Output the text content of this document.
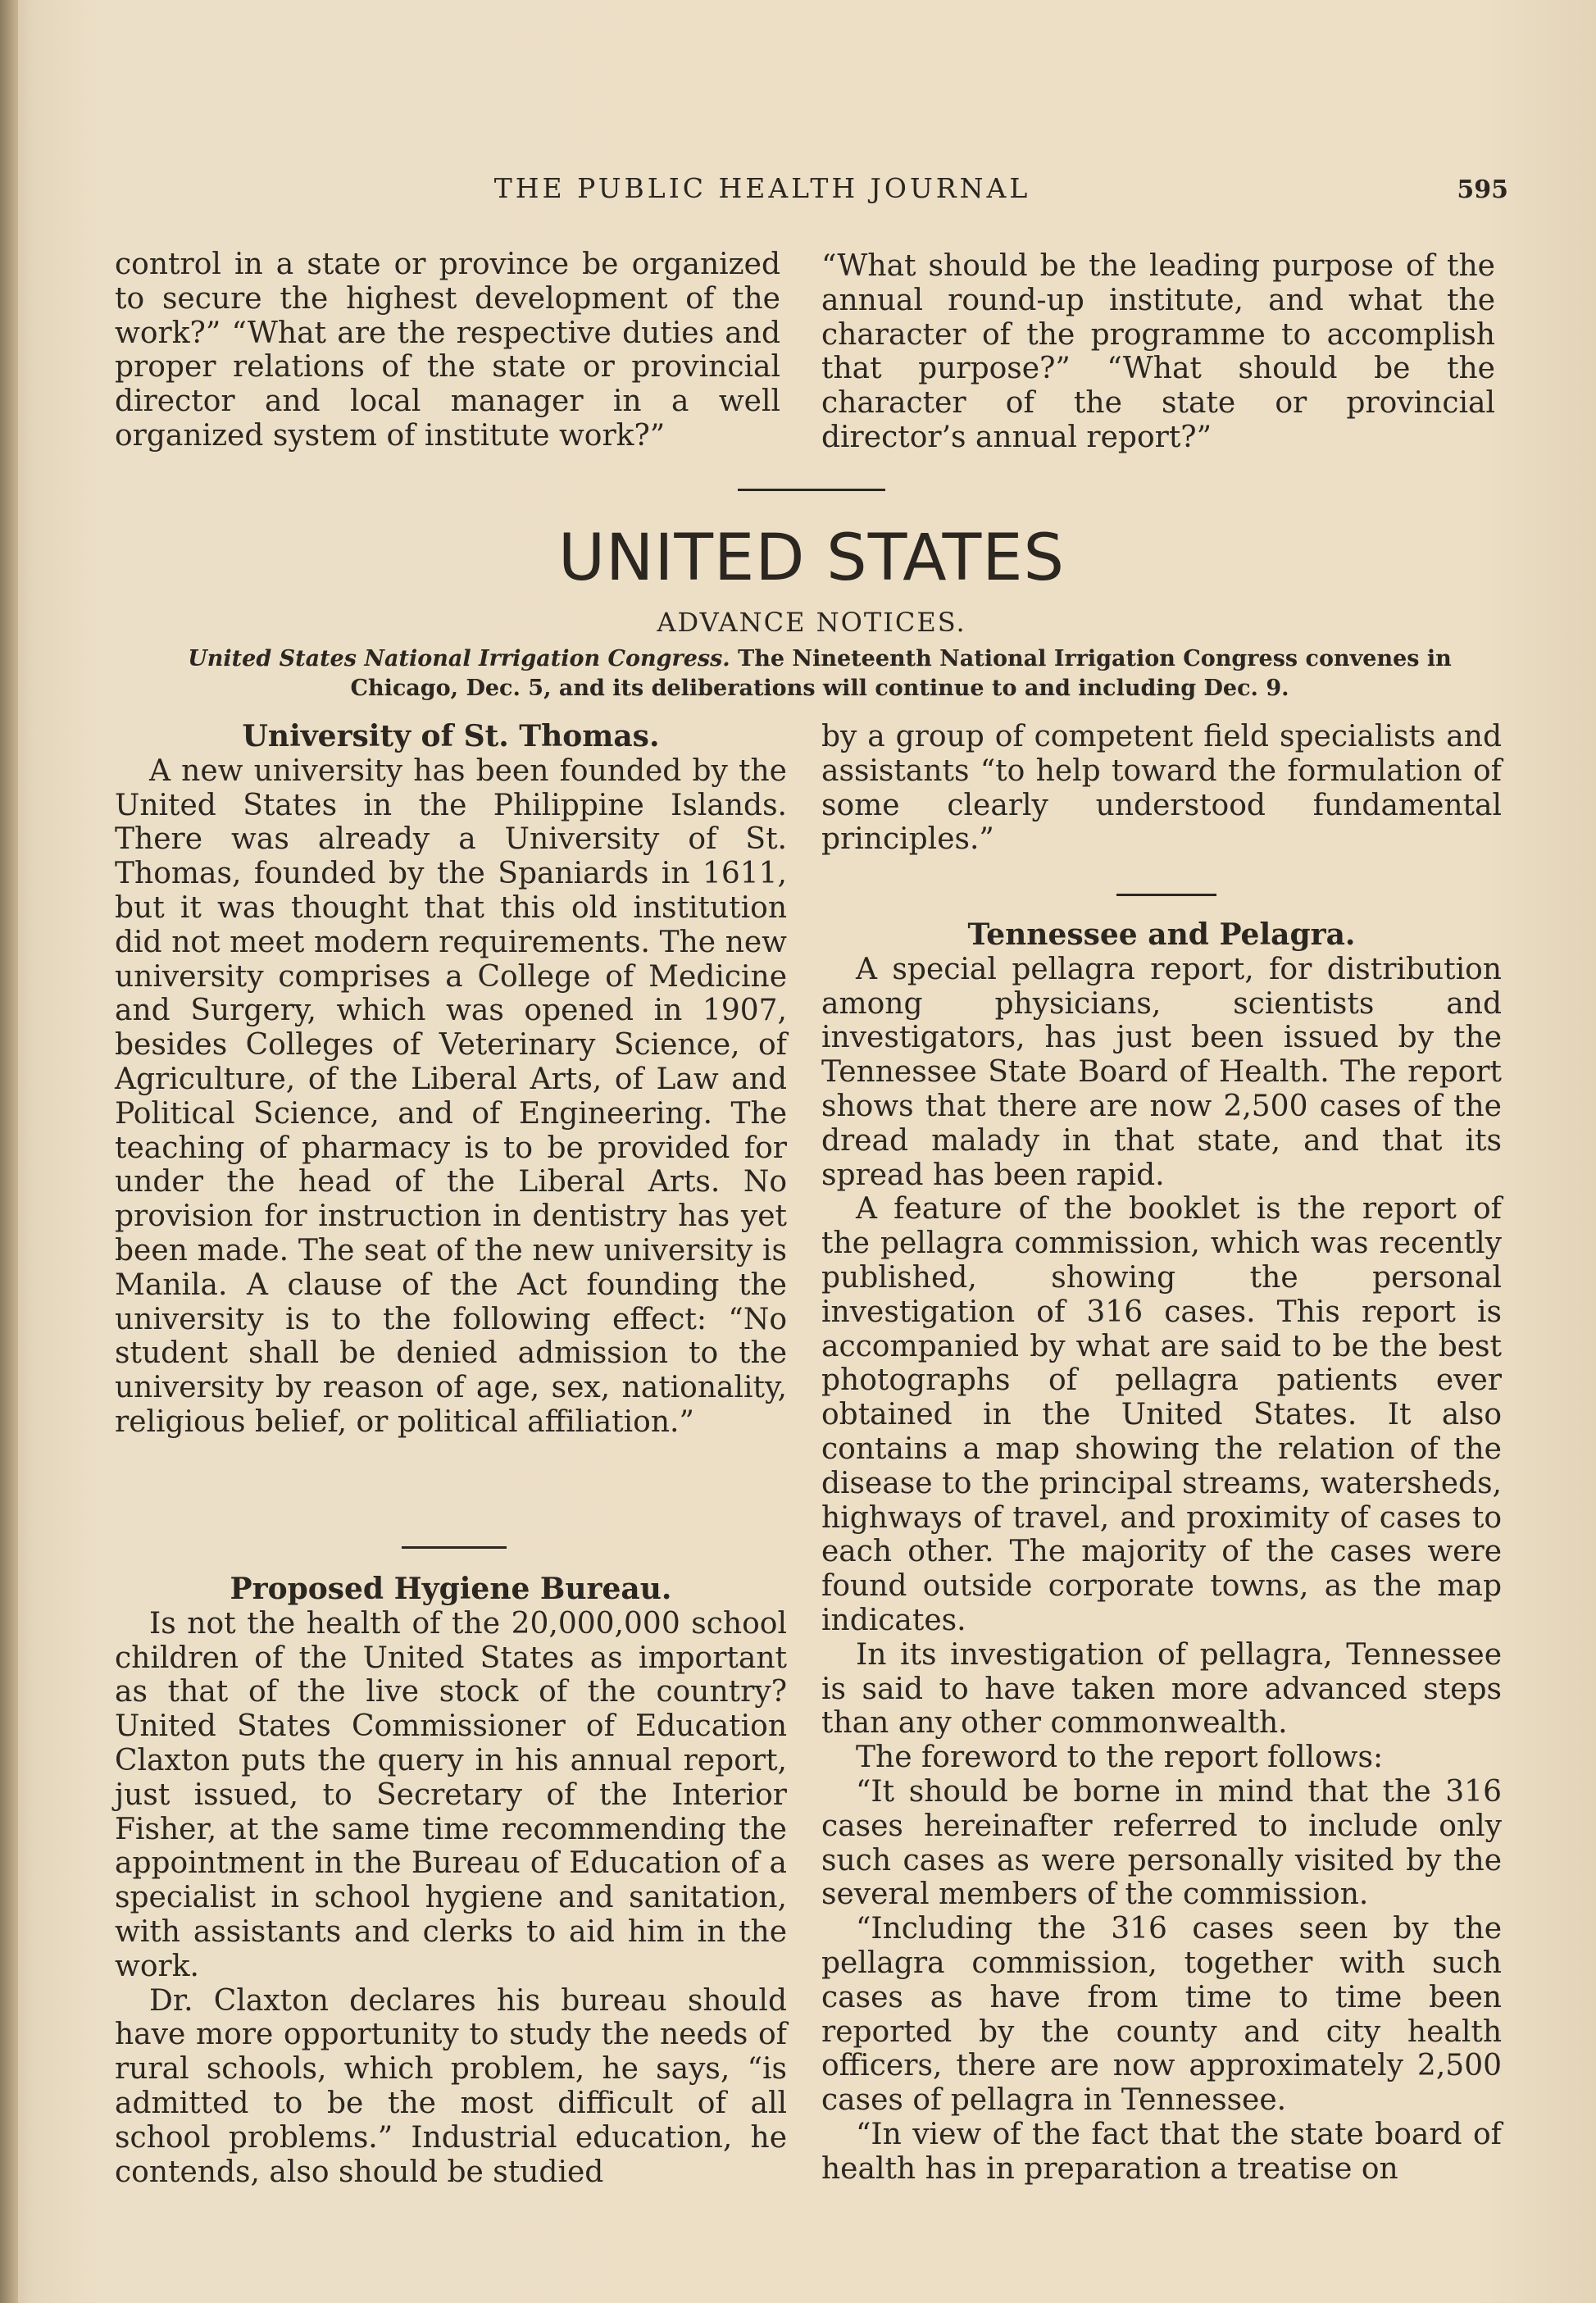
THE PUBLIC HEALTH JOURNAL	595

control in a state or province be organized to secure the highest development of the work?” “What are the respective duties and proper relations of the state or provincial director and local manager in a well organized system of institute work?”

“What should be the leading purpose of the annual round-up institute, and what the character of the programme to accomplish that purpose?” “What should be the character of the state or provincial director’s annual report?”

UNITED STATES
ADVANCE NOTICES.
United States National Irrigation Congress. The Nineteenth National Irrigation Congress convenes in Chicago, Dec. 5, and its deliberations will continue to and including Dec. 9.

University of St. Thomas.

A new university has been founded by the United States in the Philippine Islands. There was already a University of St. Thomas, founded by the Spaniards in 1611, but it was thought that this old institution did not meet modern requirements. The new university comprises a College of Medicine and Surgery, which was opened in 1907, besides Colleges of Veterinary Science, of Agriculture, of the Liberal Arts, of Law and Political Science, and of Engineering. The teaching of pharmacy is to be provided for under the head of the Liberal Arts. No provision for instruction in dentistry has yet been made. The seat of the new university is Manila. A clause of the Act founding the university is to the following effect: “No student shall be denied admission to the university by reason of age, sex, nationality, religious belief, or political affiliation.”

Proposed Hygiene Bureau.

Is not the health of the 20,000,000 school children of the United States as important as that of the live stock of the country? United States Commissioner of Education Claxton puts the query in his annual report, just issued, to Secretary of the Interior Fisher, at the same time recommending the appointment in the Bureau of Education of a specialist in school hygiene and sanitation, with assistants and clerks to aid him in the work.

Dr. Claxton declares his bureau should have more opportunity to study the needs of rural schools, which problem, he says, “is admitted to be the most difficult of all school problems.” Industrial education, he contends, also should be studied

by a group of competent field specialists and assistants “to help toward the formulation of some clearly understood fundamental principles.”

Tennessee and Pelagra.

A special pellagra report, for distribution among physicians, scientists and investigators, has just been issued by the Tennessee State Board of Health. The report shows that there are now 2,500 cases of the dread malady in that state, and that its spread has been rapid.

A feature of the booklet is the report of the pellagra commission, which was recently published, showing the personal investigation of 316 cases. This report is accompanied by what are said to be the best photographs of pellagra patients ever obtained in the United States. It also contains a map showing the relation of the disease to the principal streams, watersheds, highways of travel, and proximity of cases to each other. The majority of the cases were found outside corporate towns, as the map indicates.

In its investigation of pellagra, Tennessee is said to have taken more advanced steps than any other commonwealth.

The foreword to the report follows:

“It should be borne in mind that the 316 cases hereinafter referred to include only such cases as were personally visited by the several members of the commission.

“Including the 316 cases seen by the pellagra commission, together with such cases as have from time to time been reported by the county and city health officers, there are now approximately 2,500 cases of pellagra in Tennessee.

“In view of the fact that the state board of health has in preparation a treatise on
